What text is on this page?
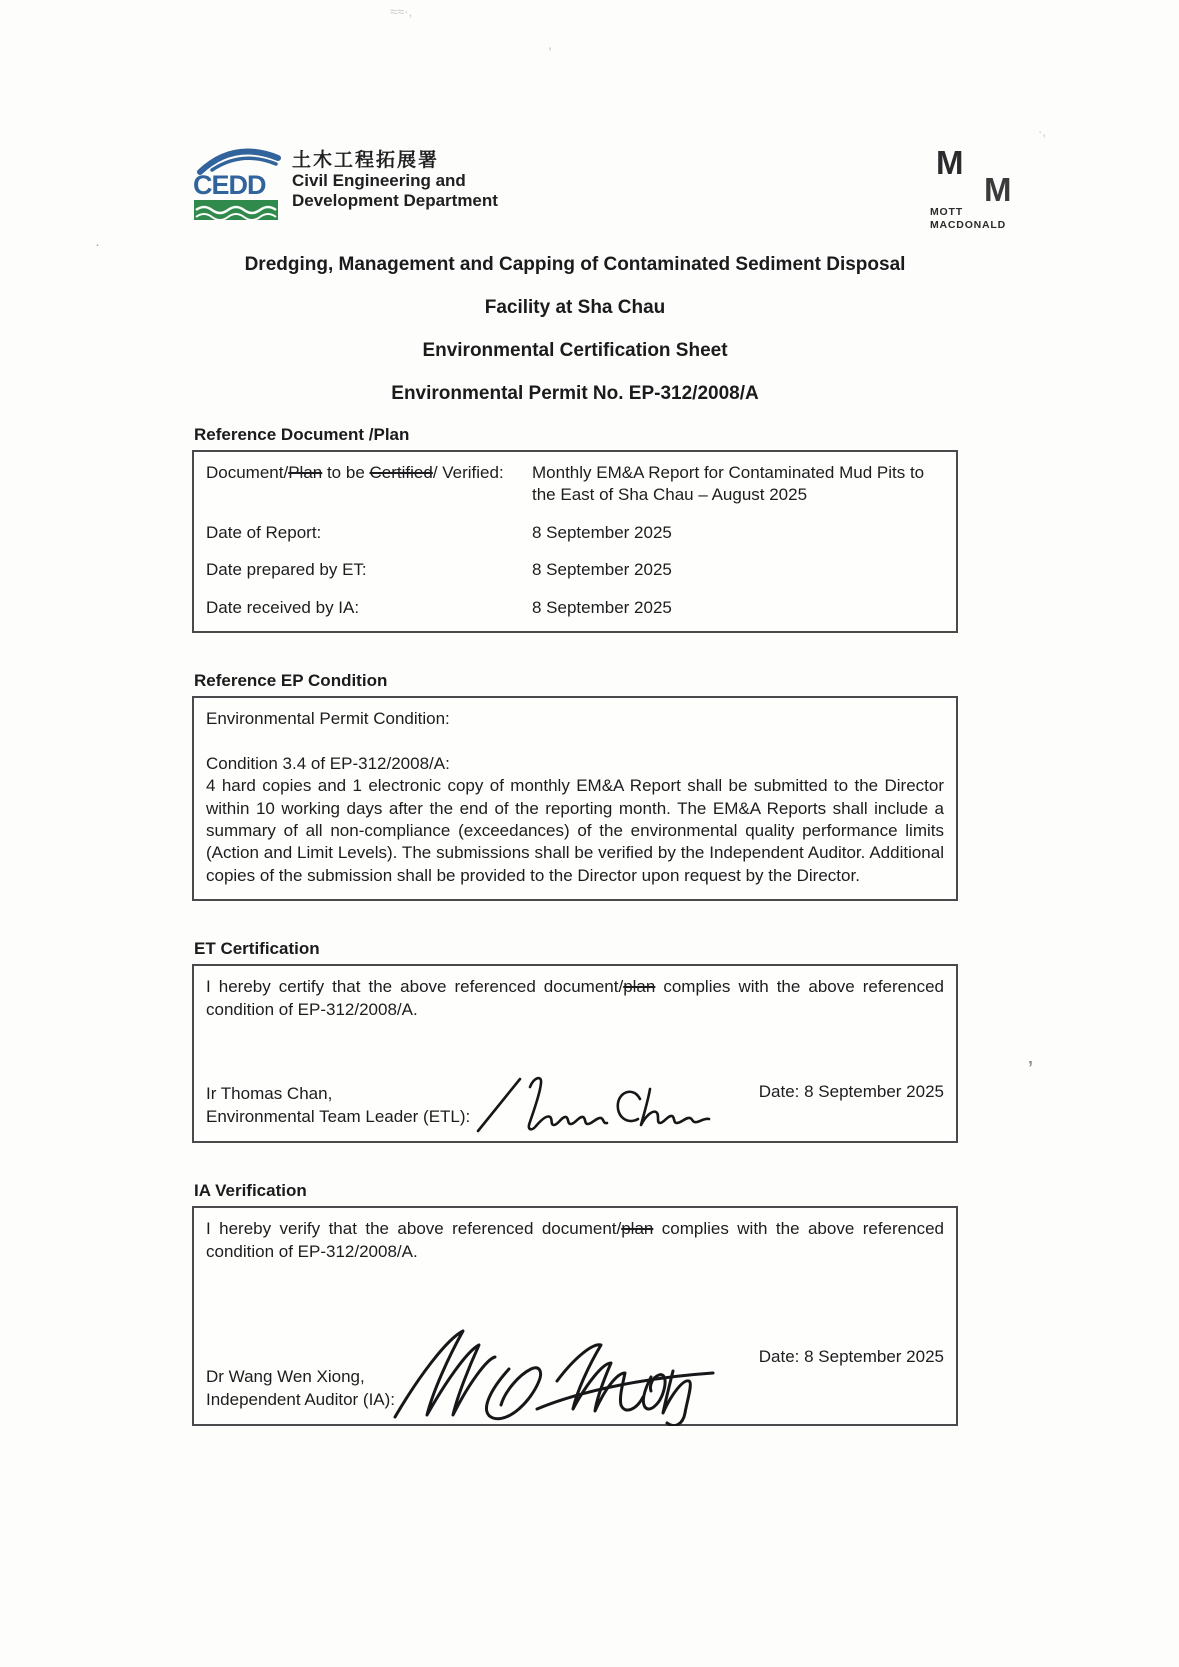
≈≈·,
·
,
’
·,
CEDD
土木工程拓展署
Civil Engineering and
Development Department
M
M
MOTT
MACDONALD
Dredging, Management and Capping of Contaminated Sediment Disposal
Facility at Sha Chau
Environmental Certification Sheet
Environmental Permit No. EP-312/2008/A
Reference Document /Plan
Document/Plan to be Certified/ Verified:	Monthly EM&A Report for Contaminated Mud Pits to the East of Sha Chau – August 2025
Date of Report:	8 September 2025
Date prepared by ET:	8 September 2025
Date received by IA:	8 September 2025
Reference EP Condition
Environmental Permit Condition:
Condition 3.4 of EP-312/2008/A:
4 hard copies and 1 electronic copy of monthly EM&A Report shall be submitted to the Director within 10 working days after the end of the reporting month. The EM&A Reports shall include a summary of all non-compliance (exceedances) of the environmental quality performance limits (Action and Limit Levels). The submissions shall be verified by the Independent Auditor. Additional copies of the submission shall be provided to the Director upon request by the Director.
ET Certification
I hereby certify that the above referenced document/plan complies with the above referenced condition of EP-312/2008/A.
Ir Thomas Chan,
Environmental Team Leader (ETL):
Date: 8 September 2025
IA Verification
I hereby verify that the above referenced document/plan complies with the above referenced condition of EP-312/2008/A.
Dr Wang Wen Xiong,
Independent Auditor (IA):
Date: 8 September 2025
